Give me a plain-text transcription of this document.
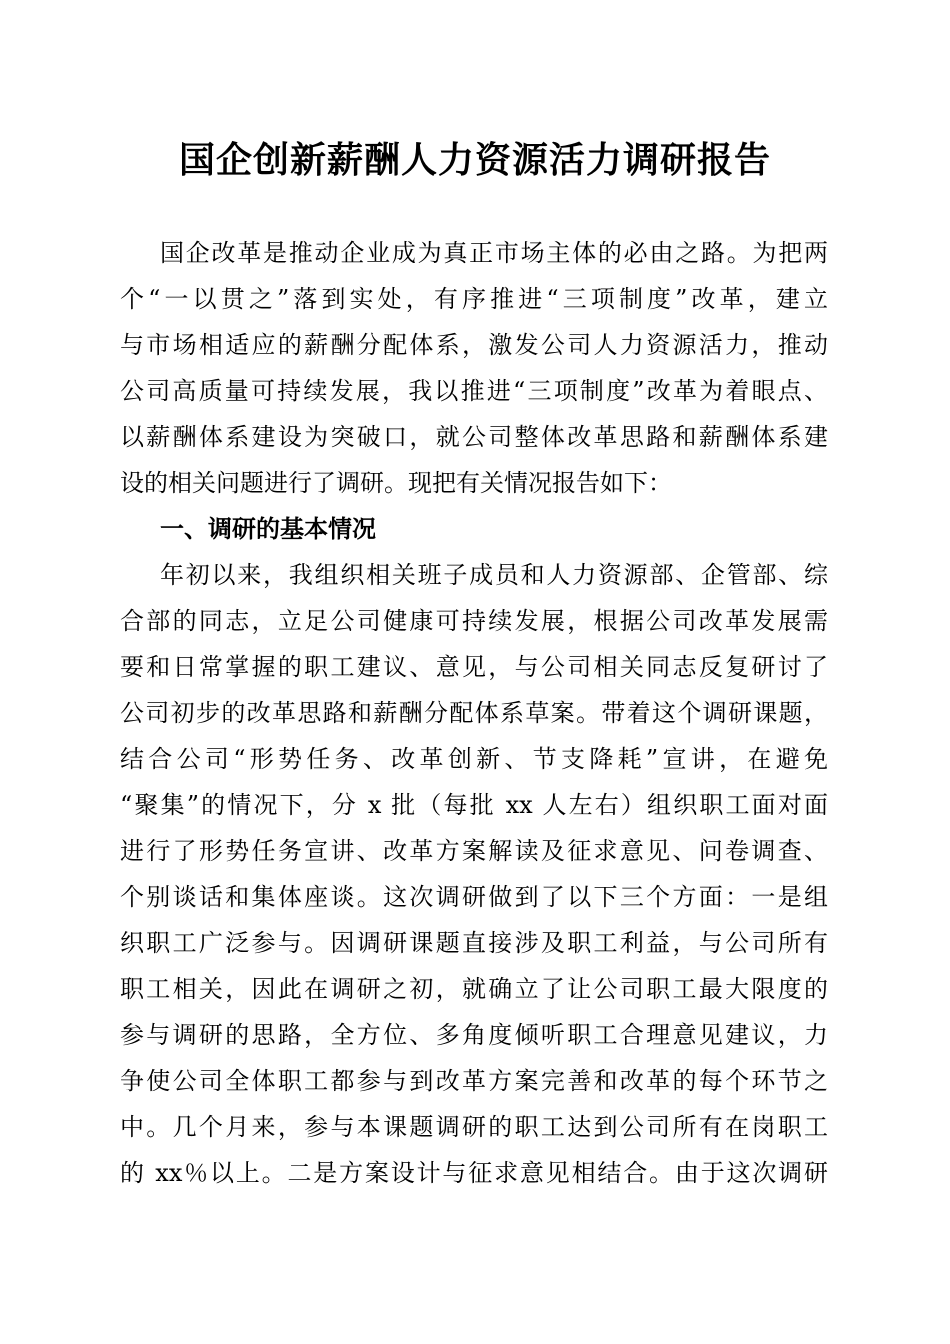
国企创新薪酬人力资源活力调研报告
国企改革是推动企业成为真正市场主体的必由之路。为把两
个“一以贯之”落到实处，有序推进“三项制度”改革，建立
与市场相适应的薪酬分配体系，激发公司人力资源活力，推动
公司高质量可持续发展，我以推进“三项制度”改革为着眼点、
以薪酬体系建设为突破口，就公司整体改革思路和薪酬体系建
设的相关问题进行了调研。现把有关情况报告如下：
一、调研的基本情况
年初以来，我组织相关班子成员和人力资源部、企管部、综
合部的同志，立足公司健康可持续发展，根据公司改革发展需
要和日常掌握的职工建议、意见，与公司相关同志反复研讨了
公司初步的改革思路和薪酬分配体系草案。带着这个调研课题，
结合公司“形势任务、改革创新、节支降耗”宣讲，在避免
“聚集”的情况下，分 x 批（每批 xx 人左右）组织职工面对面
进行了形势任务宣讲、改革方案解读及征求意见、问卷调查、
个别谈话和集体座谈。这次调研做到了以下三个方面：一是组
织职工广泛参与。因调研课题直接涉及职工利益，与公司所有
职工相关，因此在调研之初，就确立了让公司职工最大限度的
参与调研的思路，全方位、多角度倾听职工合理意见建议，力
争使公司全体职工都参与到改革方案完善和改革的每个环节之
中。几个月来，参与本课题调研的职工达到公司所有在岗职工
的 xx％以上。二是方案设计与征求意见相结合。由于这次调研
